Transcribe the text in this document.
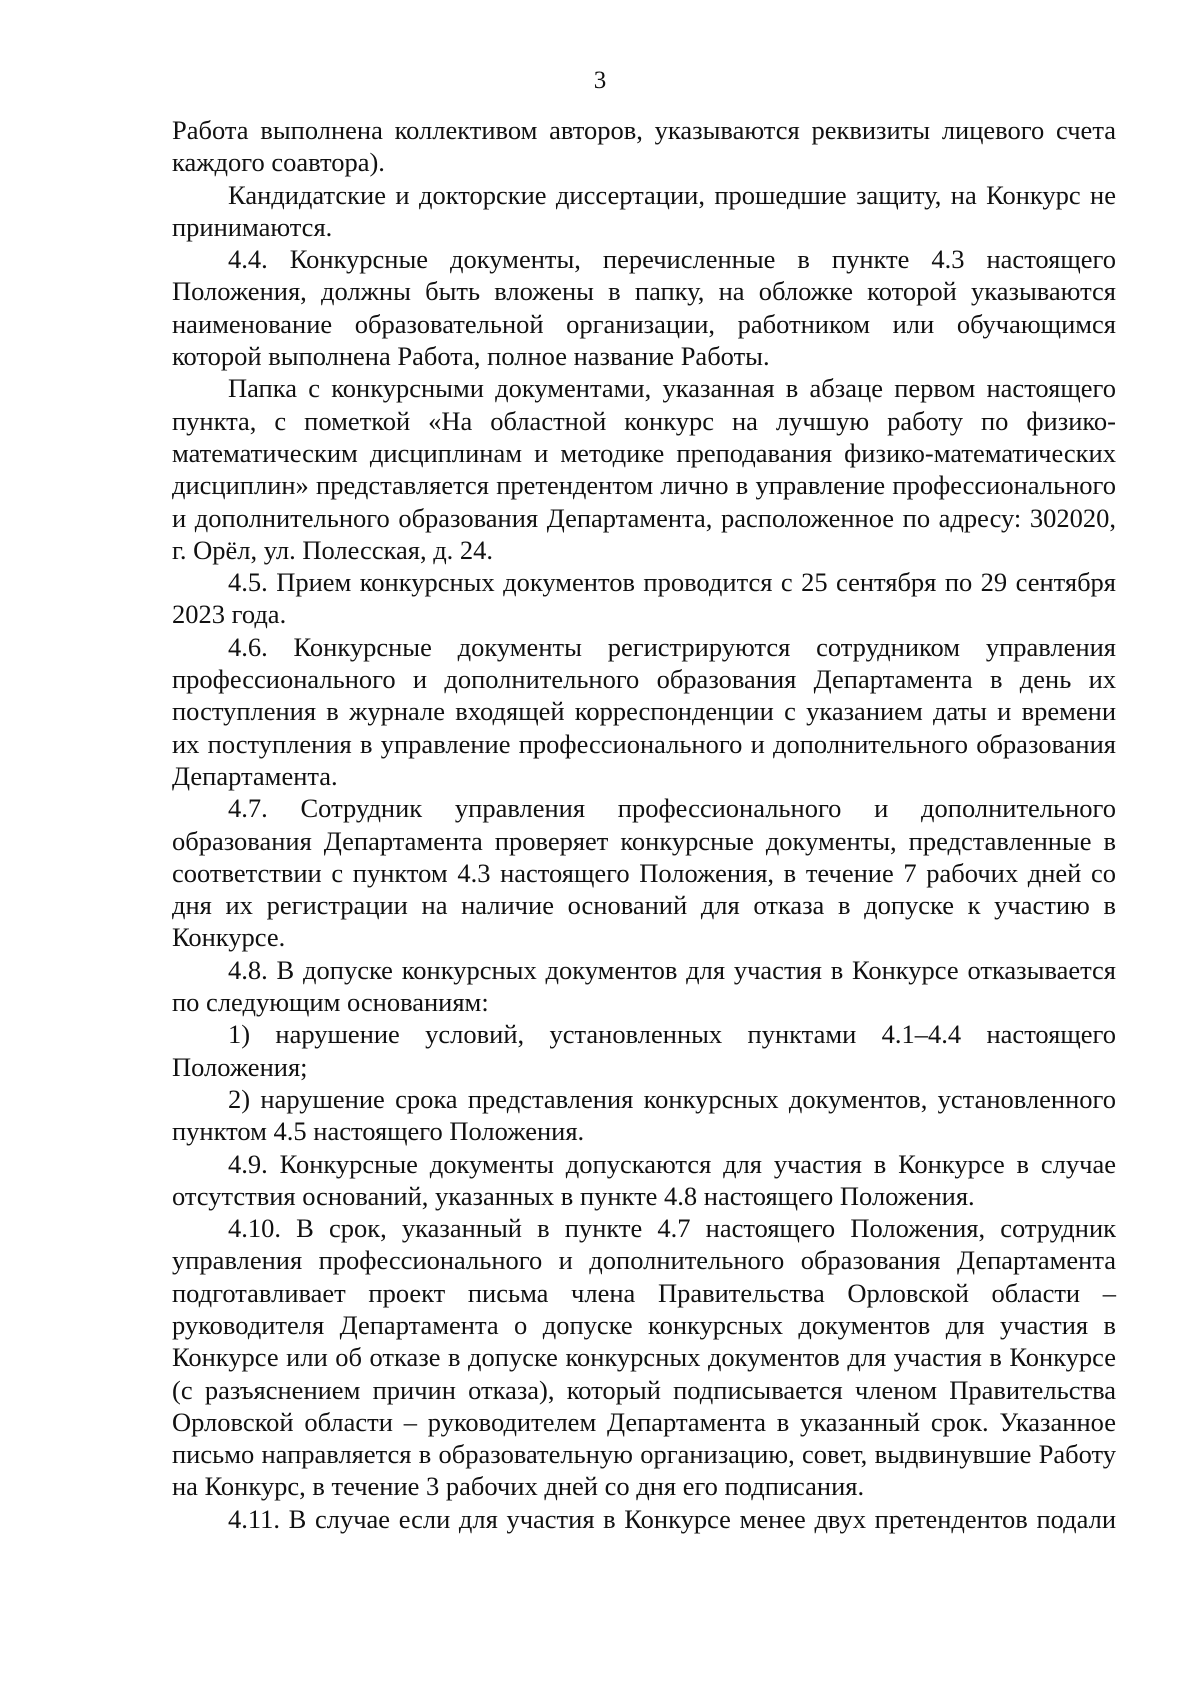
3

Работа выполнена коллективом авторов, указываются реквизиты лицевого счета каждого соавтора).

Кандидатские и докторские диссертации, прошедшие защиту, на Конкурс не принимаются.

4.4. Конкурсные документы, перечисленные в пункте 4.3 настоящего Положения, должны быть вложены в папку, на обложке которой указываются наименование образовательной организации, работником или обучающимся которой выполнена Работа, полное название Работы.

Папка с конкурсными документами, указанная в абзаце первом настоящего пункта, с пометкой «На областной конкурс на лучшую работу по физико-математическим дисциплинам и методике преподавания физико-математических дисциплин» представляется претендентом лично в управление профессионального и дополнительного образования Департамента, расположенное по адресу: 302020, г. Орёл, ул. Полесская, д. 24.

4.5. Прием конкурсных документов проводится с 25 сентября по 29 сентября 2023 года.

4.6. Конкурсные документы регистрируются сотрудником управления профессионального и дополнительного образования Департамента в день их поступления в журнале входящей корреспонденции с указанием даты и времени их поступления в управление профессионального и дополнительного образования Департамента.

4.7. Сотрудник управления профессионального и дополнительного образования Департамента проверяет конкурсные документы, представленные в соответствии с пунктом 4.3 настоящего Положения, в течение 7 рабочих дней со дня их регистрации на наличие оснований для отказа в допуске к участию в Конкурсе.

4.8. В допуске конкурсных документов для участия в Конкурсе отказывается по следующим основаниям:

1) нарушение условий, установленных пунктами 4.1–4.4 настоящего Положения;

2) нарушение срока представления конкурсных документов, установленного пунктом 4.5 настоящего Положения.

4.9. Конкурсные документы допускаются для участия в Конкурсе в случае отсутствия оснований, указанных в пункте 4.8 настоящего Положения.

4.10. В срок, указанный в пункте 4.7 настоящего Положения, сотрудник управления профессионального и дополнительного образования Департамента подготавливает проект письма члена Правительства Орловской области – руководителя Департамента о допуске конкурсных документов для участия в Конкурсе или об отказе в допуске конкурсных документов для участия в Конкурсе (с разъяснением причин отказа), который подписывается членом Правительства Орловской области – руководителем Департамента в указанный срок. Указанное письмо направляется в образовательную организацию, совет, выдвинувшие Работу на Конкурс, в течение 3 рабочих дней со дня его подписания.

4.11. В случае если для участия в Конкурсе менее двух претендентов подали
